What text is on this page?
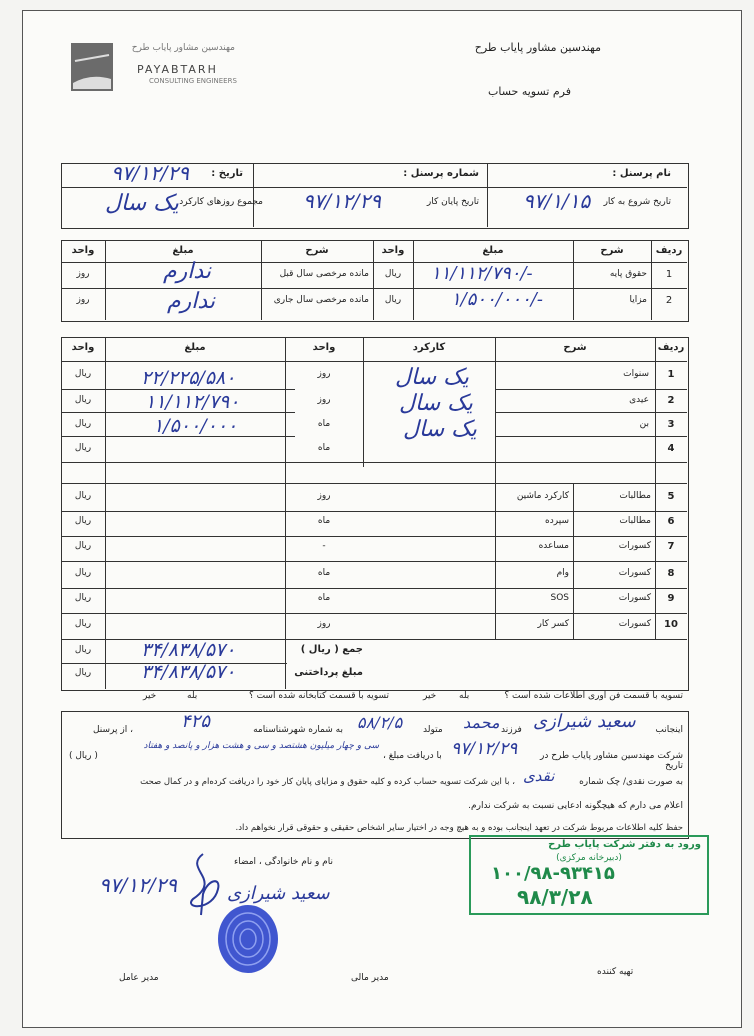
مهندسین مشاور پایاب طرح
فرم تسویه حساب
مهندسین مشاور پایاب طرح
PAYABTARH
CONSULTING ENGINEERS
نام پرسنل :
شماره پرسنل :
تاریخ :
۹۷/۱۲/۲۹
تاریخ شروع به کار
۹۷/۱/۱۵
تاریخ پایان کار
۹۷/۱۲/۲۹
مجموع روزهای کارکرد
یک سال
ردیف
شرح
مبلغ
واحد
شرح
مبلغ
واحد
1
حقوق پایه
۱۱/۱۱۲/۷۹۰/-
ریال
مانده مرخصی سال قبل
ندارم
روز
2
مزایا
۱/۵۰۰/۰۰۰/-
ریال
مانده مرخصی سال جاری
ندارم
روز
ردیف
شرح
کارکرد
واحد
مبلغ
واحد
یک سال
یک سال
یک سال
۲۲/۲۲۵/۵۸۰
۱۱/۱۱۲/۷۹۰
۱/۵۰۰/۰۰۰
جمع ( ریال )
۳۴/۸۳۸/۵۷۰
ریال
مبلغ پرداختنی
۳۴/۸۳۸/۵۷۰
ریال
تسویه با قسمت فن اوری اطلاعات شده است ؟
بله
خیر
تسویه با قسمت کتابخانه شده است ؟
بله
خیر
اینجانب
سعید شیرازی
فرزند
محمد
متولد
۵۸/۲/۵
به شماره شهرشناسنامه
۴۲۵
، از پرسنل
شرکت مهندسین مشاور پایاب طرح در تاریخ
۹۷/۱۲/۲۹
، با دریافت مبلغ
سی و چهار میلیون هشتصد و سی و هشت هزار و پانصد و هفتاد
( ریال )
به صورت نقدی/ چک شماره
نقدی
، با این شرکت تسویه حساب کرده و کلیه حقوق و مزایای پایان کار خود را دریافت کرده‌ام و در کمال صحت
اعلام می دارم که هیچگونه ادعایی نسبت به شرکت ندارم.
حفظ کلیه اطلاعات مربوط شرکت در تعهد اینجانب بوده و به هیچ وجه در اختیار سایر اشخاص حقیقی و حقوقی قرار نخواهم داد.
ورود به دفتر شرکت پایاب طرح
(دبیرخانه مرکزی)
۱۰۰/۹۸-۹۳۴۱۵
۹۸/۳/۲۸
نام و نام خانوادگی ، امضاء
۹۷/۱۲/۲۹	سعید شیرازی
تهیه کننده
مدیر مالی
مدیر عامل
1
سنوات
روز
ریال
2
عیدی
روز
ریال
3
بن
ماه
ریال
4
ماه
ریال
5
مطالبات
کارکرد ماشین
روز
ریال
6
مطالبات
سپرده
ماه
ریال
7
کسورات
مساعده
-
ریال
8
کسورات
وام
ماه
ریال
9
کسورات
SOS
ماه
ریال
10
کسورات
کسر کار
روز
ریال
